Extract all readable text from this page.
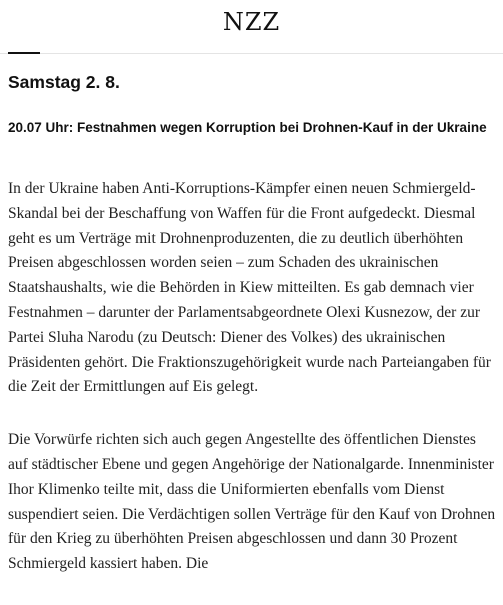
NZZ
Samstag 2. 8.
20.07 Uhr: Festnahmen wegen Korruption bei Drohnen-Kauf in der Ukraine

In der Ukraine haben Anti-Korruptions-Kämpfer einen neuen Schmiergeld-Skandal bei der Beschaffung von Waffen für die Front aufgedeckt. Diesmal geht es um Verträge mit Drohnenproduzenten, die zu deutlich überhöhten Preisen abgeschlossen worden seien – zum Schaden des ukrainischen Staatshaushalts, wie die Behörden in Kiew mitteilten. Es gab demnach vier Festnahmen – darunter der Parlamentsabgeordnete Olexi Kusnezow, der zur Partei Sluha Narodu (zu Deutsch: Diener des Volkes) des ukrainischen Präsidenten gehört. Die Fraktionszugehörigkeit wurde nach Parteiangaben für die Zeit der Ermittlungen auf Eis gelegt.

Die Vorwürfe richten sich auch gegen Angestellte des öffentlichen Dienstes auf städtischer Ebene und gegen Angehörige der Nationalgarde. Innenminister Ihor Klimenko teilte mit, dass die Uniformierten ebenfalls vom Dienst suspendiert seien. Die Verdächtigen sollen Verträge für den Kauf von Drohnen für den Krieg zu überhöhten Preisen abgeschlossen und dann 30 Prozent Schmiergeld kassiert haben. Die
